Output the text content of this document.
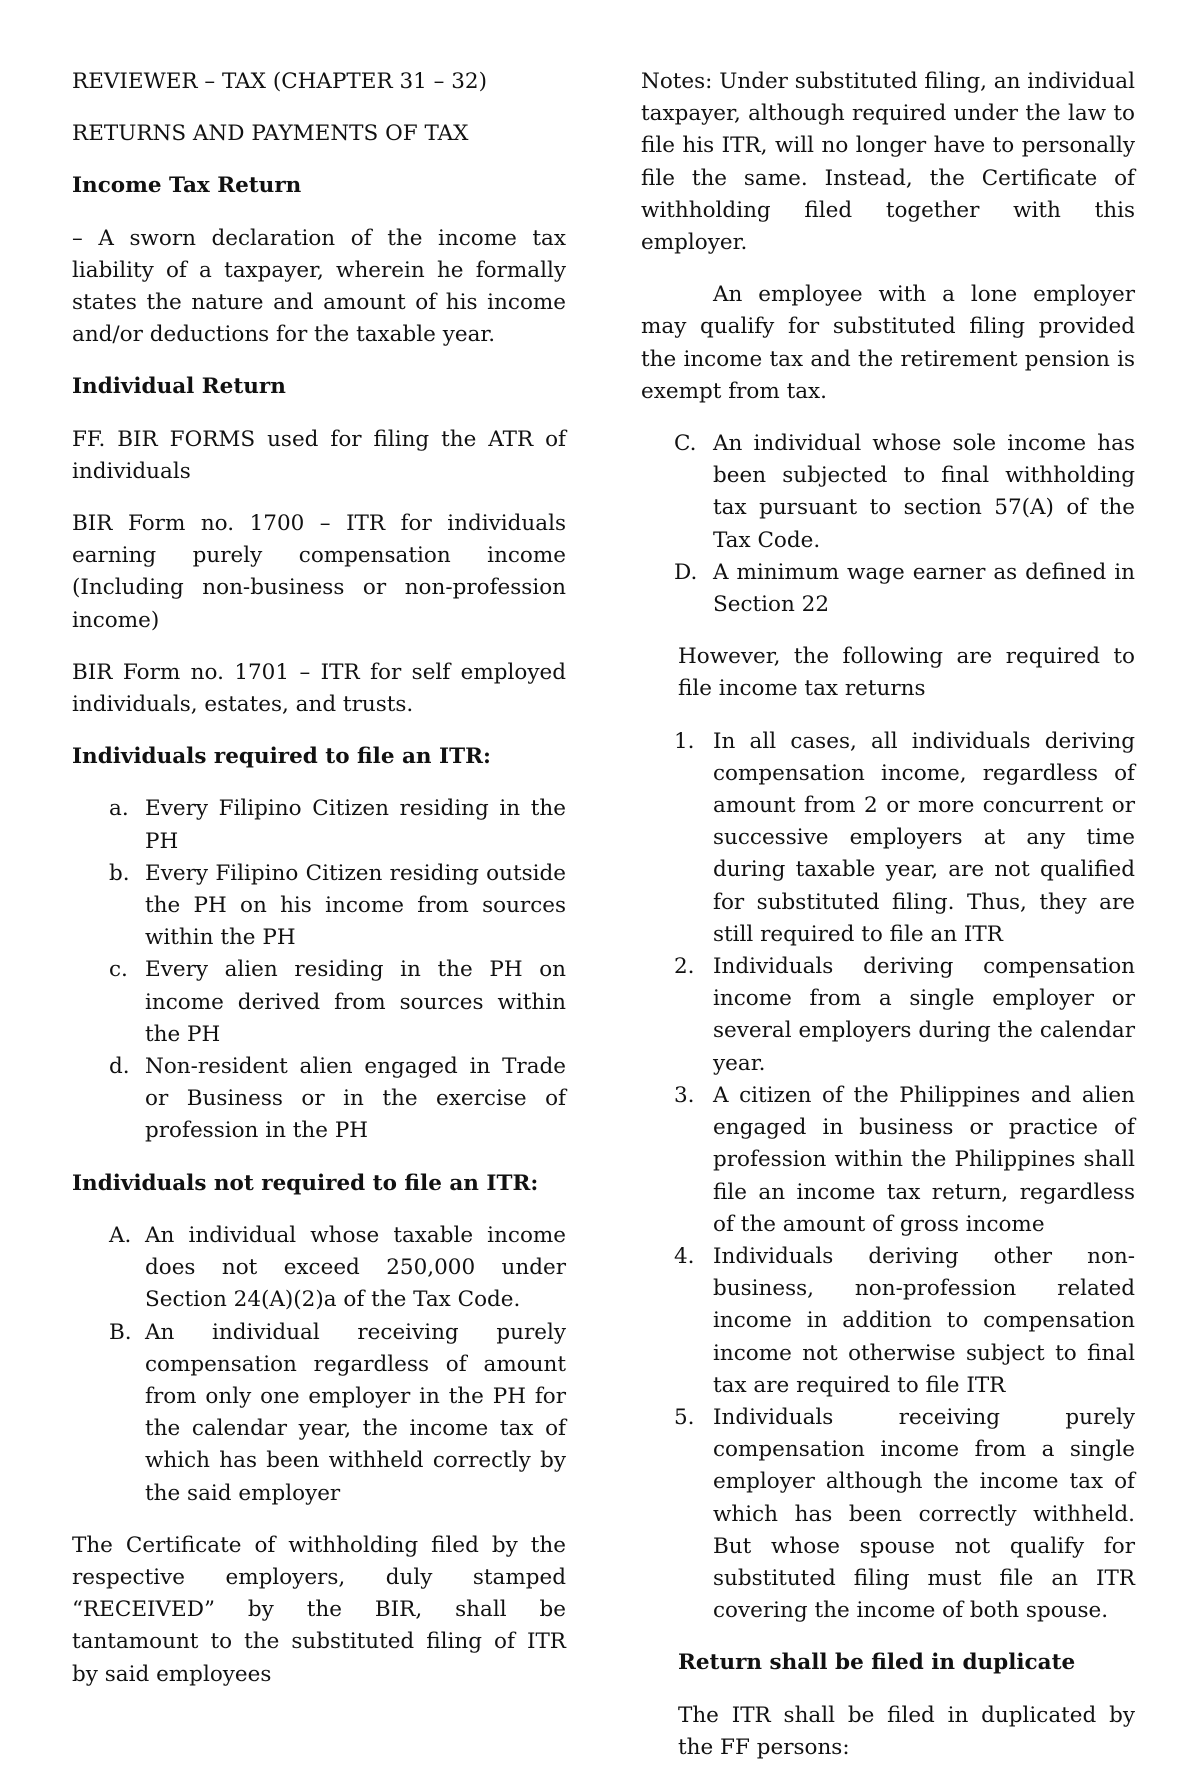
REVIEWER – TAX (CHAPTER 31 – 32)

RETURNS AND PAYMENTS OF TAX

Income Tax Return

– A sworn declaration of the income tax liability of a taxpayer, wherein he formally states the nature and amount of his income and/or deductions for the taxable year.

Individual Return

FF. BIR FORMS used for filing the ATR of individuals

BIR Form no. 1700 – ITR for individuals earning purely compensation income (Including non-business or non-profession income)

BIR Form no. 1701 – ITR for self employed individuals, estates, and trusts.

Individuals required to file an ITR:

a. Every Filipino Citizen residing in the PH
b. Every Filipino Citizen residing outside the PH on his income from sources within the PH
c. Every alien residing in the PH on income derived from sources within the PH
d. Non-resident alien engaged in Trade or Business or in the exercise of profession in the PH

Individuals not required to file an ITR:

A. An individual whose taxable income does not exceed 250,000 under Section 24(A)(2)a of the Tax Code.
B. An individual receiving purely compensation regardless of amount from only one employer in the PH for the calendar year, the income tax of which has been withheld correctly by the said employer

The Certificate of withholding filed by the respective employers, duly stamped “RECEIVED” by the BIR, shall be tantamount to the substituted filing of ITR by said employees

Notes: Under substituted filing, an individual taxpayer, although required under the law to file his ITR, will no longer have to personally file the same. Instead, the Certificate of withholding filed together with this employer.

An employee with a lone employer may qualify for substituted filing provided the income tax and the retirement pension is exempt from tax.

C. An individual whose sole income has been subjected to final withholding tax pursuant to section 57(A) of the Tax Code.
D. A minimum wage earner as defined in Section 22

However, the following are required to file income tax returns

1. In all cases, all individuals deriving compensation income, regardless of amount from 2 or more concurrent or successive employers at any time during taxable year, are not qualified for substituted filing. Thus, they are still required to file an ITR
2. Individuals deriving compensation income from a single employer or several employers during the calendar year.
3. A citizen of the Philippines and alien engaged in business or practice of profession within the Philippines shall file an income tax return, regardless of the amount of gross income
4. Individuals deriving other non-business, non-profession related income in addition to compensation income not otherwise subject to final tax are required to file ITR
5. Individuals receiving purely compensation income from a single employer although the income tax of which has been correctly withheld. But whose spouse not qualify for substituted filing must file an ITR covering the income of both spouse.

Return shall be filed in duplicate

The ITR shall be filed in duplicated by the FF persons:
